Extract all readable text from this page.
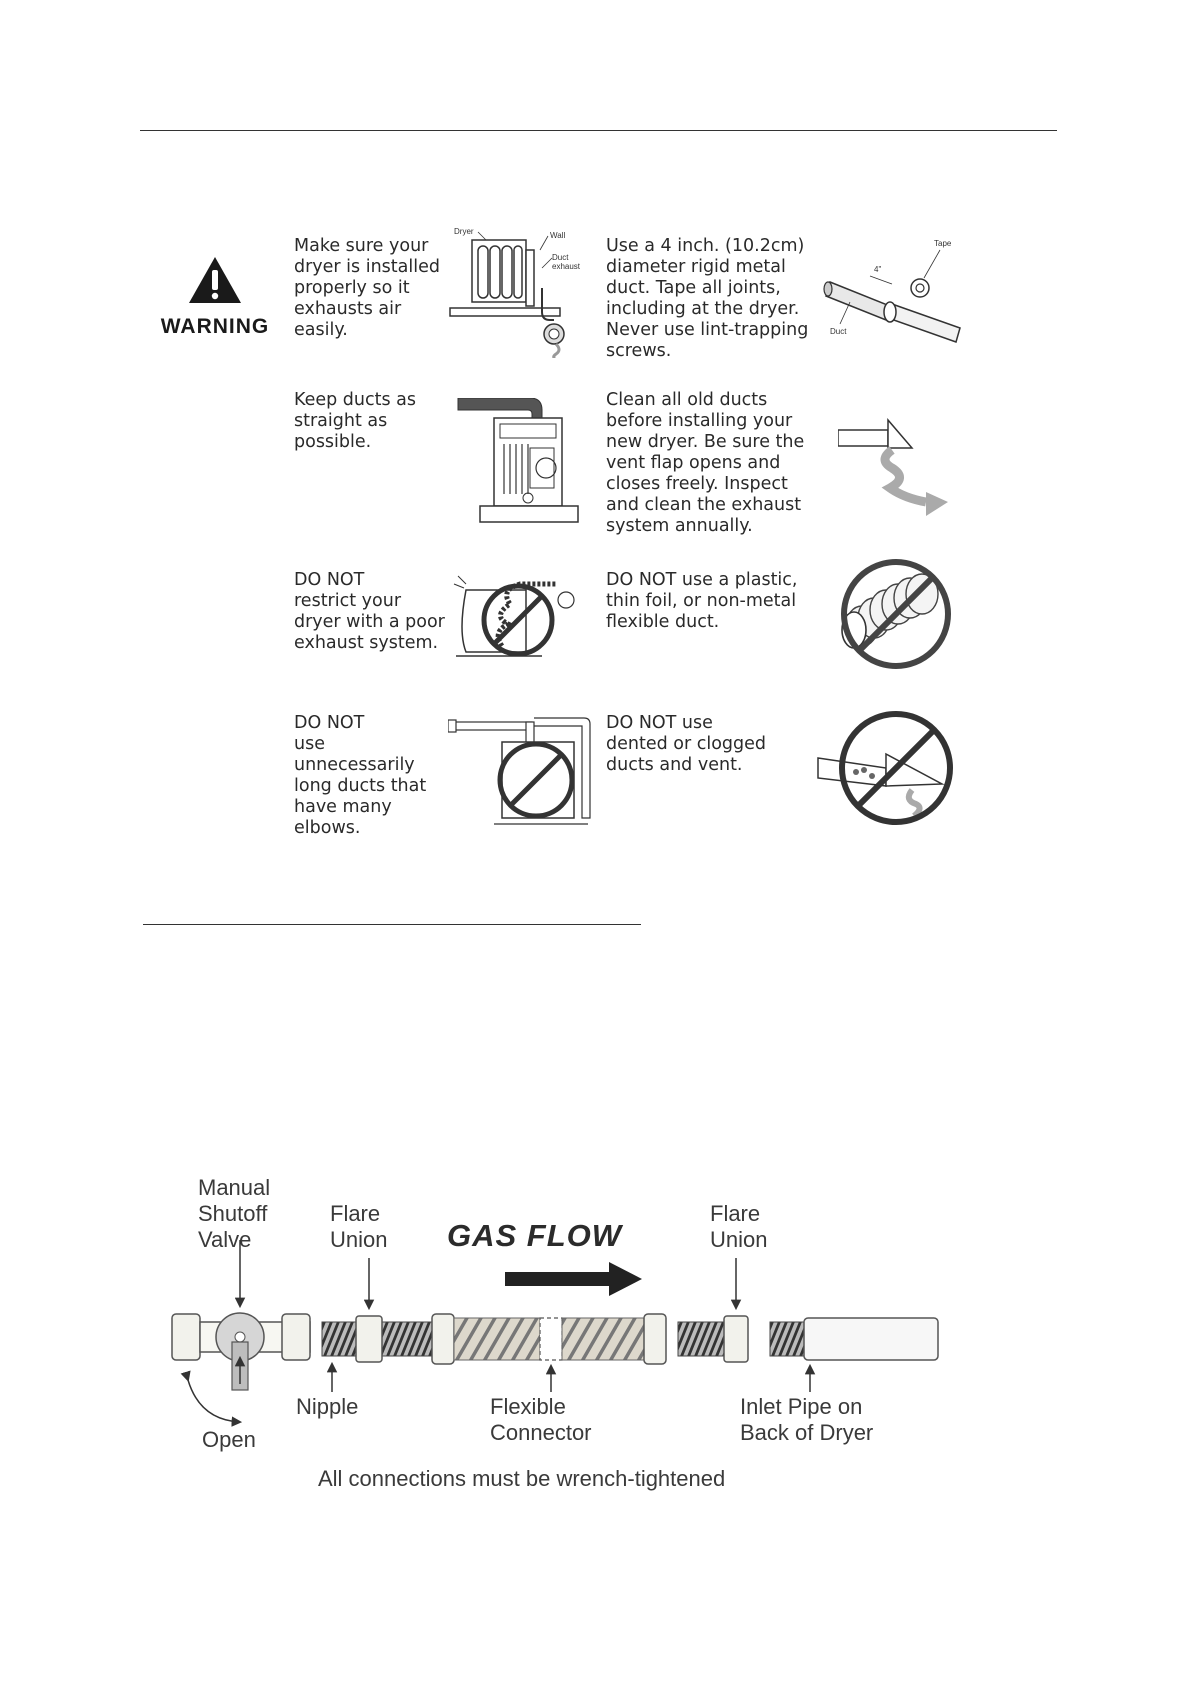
WARNING
Make sure your
dryer is installed
properly so it
exhausts air
easily.
Use a 4 inch. (10.2cm)
diameter rigid metal
duct. Tape all joints,
including at the dryer.
Never use lint-trapping
screws.
Keep ducts as
straight as
possible.
Clean all old ducts
before installing your
new dryer. Be sure the
vent flap opens and
closes freely. Inspect
and clean the exhaust
system annually.
DO NOT
restrict your
dryer with a poor
exhaust system.
DO NOT use a plastic,
thin foil, or non-metal
flexible duct.
DO NOT
use
unnecessarily
long ducts that
have many
elbows.
DO NOT use
dented or clogged
ducts and vent.
Dryer	Wall
Duct exhaust	4"
Tape
Duct
Manual
Shutoff
Valve
Flare
Union GAS FLOW
Flare
Union
Nipple
Open
Flexible
Connector
Inlet Pipe on
Back of Dryer
All connections must be wrench-tightened
